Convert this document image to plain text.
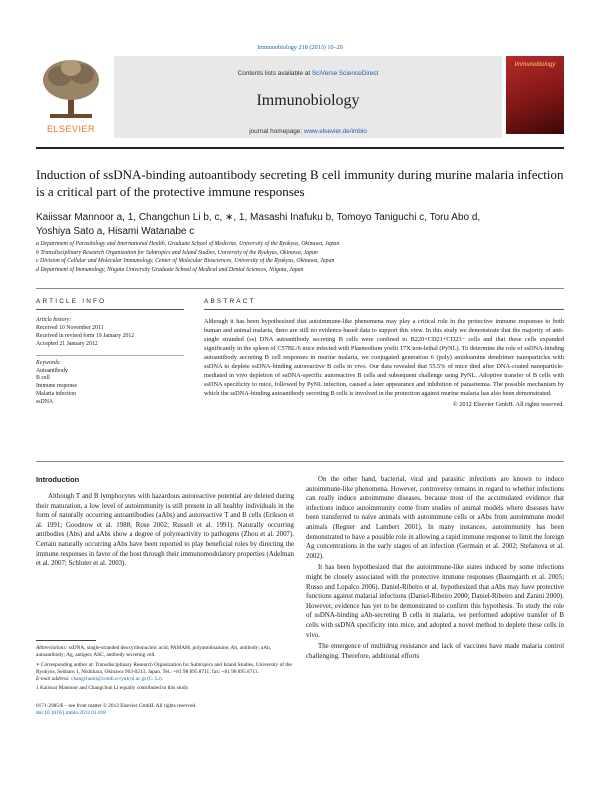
Immunobiology 218 (2013) 10–20
ELSEVIER
Contents lists available at SciVerse ScienceDirect
Immunobiology
journal homepage: www.elsevier.de/imbio
Immunobiology
Induction of ssDNA-binding autoantibody secreting B cell immunity during murine malaria infection is a critical part of the protective immune responses
Kaiissar Mannoor a, 1, Changchun Li b, c, ∗, 1, Masashi Inafuku b, Tomoyo Taniguchi c, Toru Abo d,
Yoshiya Sato a, Hisami Watanabe c
a Department of Parasitology and International Health, Graduate School of Medicine, University of the Ryukyus, Okinawa, Japan
b Transdisciplinary Research Organization for Subtropics and Island Studies, University of the Ryukyus, Okinawa, Japan
c Division of Cellular and Molecular Immunology, Center of Molecular Biosciences, University of the Ryukyus, Okinawa, Japan
d Department of Immunology, Niigata University Graduate School of Medical and Dental Sciences, Niigata, Japan
ARTICLE INFO
Article history:
Received 10 November 2011
Received in revised form 19 January 2012
Accepted 21 January 2012
Keywords:
Autoantibody
B cell
Immune response
Malaria infection
ssDNA
ABSTRACT
Although it has been hypothesized that autoimmune-like phenomena may play a critical role in the protective immune responses to both human and animal malaria, there are still no evidence-based data to support this view. In this study we demonstrate that the majority of anti-single stranded (ss) DNA autoantibody secreting B cells were confined to B220+CD21+CD23− cells and that these cells expanded significantly in the spleen of C57BL/6 mice infected with Plasmodium yoelii 17X non-lethal (PyNL). To determine the role of ssDNA-binding autoantibody secreting B cell responses in murine malaria, we conjugated generation 6 (poly) amidoamine dendrimer nanoparticles with ssDNA to deplete ssDNA-binding autoreactive B cells in vivo. Our data revealed that 55.5% of mice died after DNA-coated nanoparticle-mediated in vivo depletion of ssDNA-specific autoreactive B cells and subsequent challenge using PyNL. Adoptive transfer of B cells with ssDNA specificity to mice, followed by PyNL infection, caused a later appearance and inhibition of parasitemia. The possible mechanism by which the ssDNA-binding autoantibody secreting B cells is involved in the protection against murine malaria has also been demonstrated.
© 2012 Elsevier GmbH. All rights reserved.
Introduction
Although T and B lymphocytes with hazardous autoreactive potential are deleted during their maturation, a low level of autoimmunity is still present in all healthy individuals in the form of naturally occurring autoantibodies (aAbs) and autoreactive T and B cells (Erikson et al. 1991; Goodnow et al. 1988; Rose 2002; Russell et al. 1991). Naturally occurring antibodies (Abs) and aAbs show a degree of polyreactivity to pathogens (Zhou et al. 2007). Certain naturally occurring aAbs have been reported to play beneficial roles by directing the immune responses in favor of the host through their immunomodulatory properties (Adelman et al. 2007; Schluter et al. 2003).
Abbreviations: ssDNA, single-stranded deoxyribonucleic acid; PAMAM, polyamidoamine; Ab, antibody; aAb, autoantibody; Ag, antigen; ASC, antibody secreting cell.
∗ Corresponding author at: Transdisciplinary Research Organization for Subtropics and Island Studies, University of the Ryukyus, Senbaru 1, Nishihara, Okinawa 903-0213, Japan. Tel.: +81 98 895 8711; fax: +81 98 895 8711.
E-mail address: changchunli@comb.u-ryukyu.ac.jp (C. Li).
1 Kaiissar Mannoor and Changchun Li equally contributed to this study.
0171-2985/$ – see front matter © 2012 Elsevier GmbH. All rights reserved.
doi:10.1016/j.imbio.2012.01.018
On the other hand, bacterial, viral and parasitic infections are known to induce autoimmune-like phenomena. However, controversy remains in regard to whether infections can really induce autoimmune diseases, because most of the accumulated evidence that infections induce autoimmunity come from studies of animal models where diseases have been transferred to naïve animals with autoimmune cells or aAbs from autoimmune model animals (Regner and Lambert 2001). In many instances, autoimmunity has been demonstrated to have a possible role in allowing a rapid immune response to limit the foreign Ag concentrations in the early stages of an infection (Germain et al. 2002; Stefanova et al. 2002).
It has been hypothesized that the autoimmune-like states induced by some infections might be closely associated with the protective immune responses (Baumgarth et al. 2005; Russo and Lopalco 2006). Daniel-Ribeiro et al. hypothesized that aAbs may have protective functions against malarial infections (Daniel-Ribeiro 2000; Daniel-Ribeiro and Zanini 2000). However, evidence has yet to be demonstrated to confirm this hypothesis. To study the role of ssDNA-binding aAb-secreting B cells in malaria, we performed adoptive transfer of B cells with ssDNA specificity into mice, and adopted a novel method to deplete these cells in vivo.
The emergence of multidrug resistance and lack of vaccines have made malaria control challenging. Therefore, additional efforts
